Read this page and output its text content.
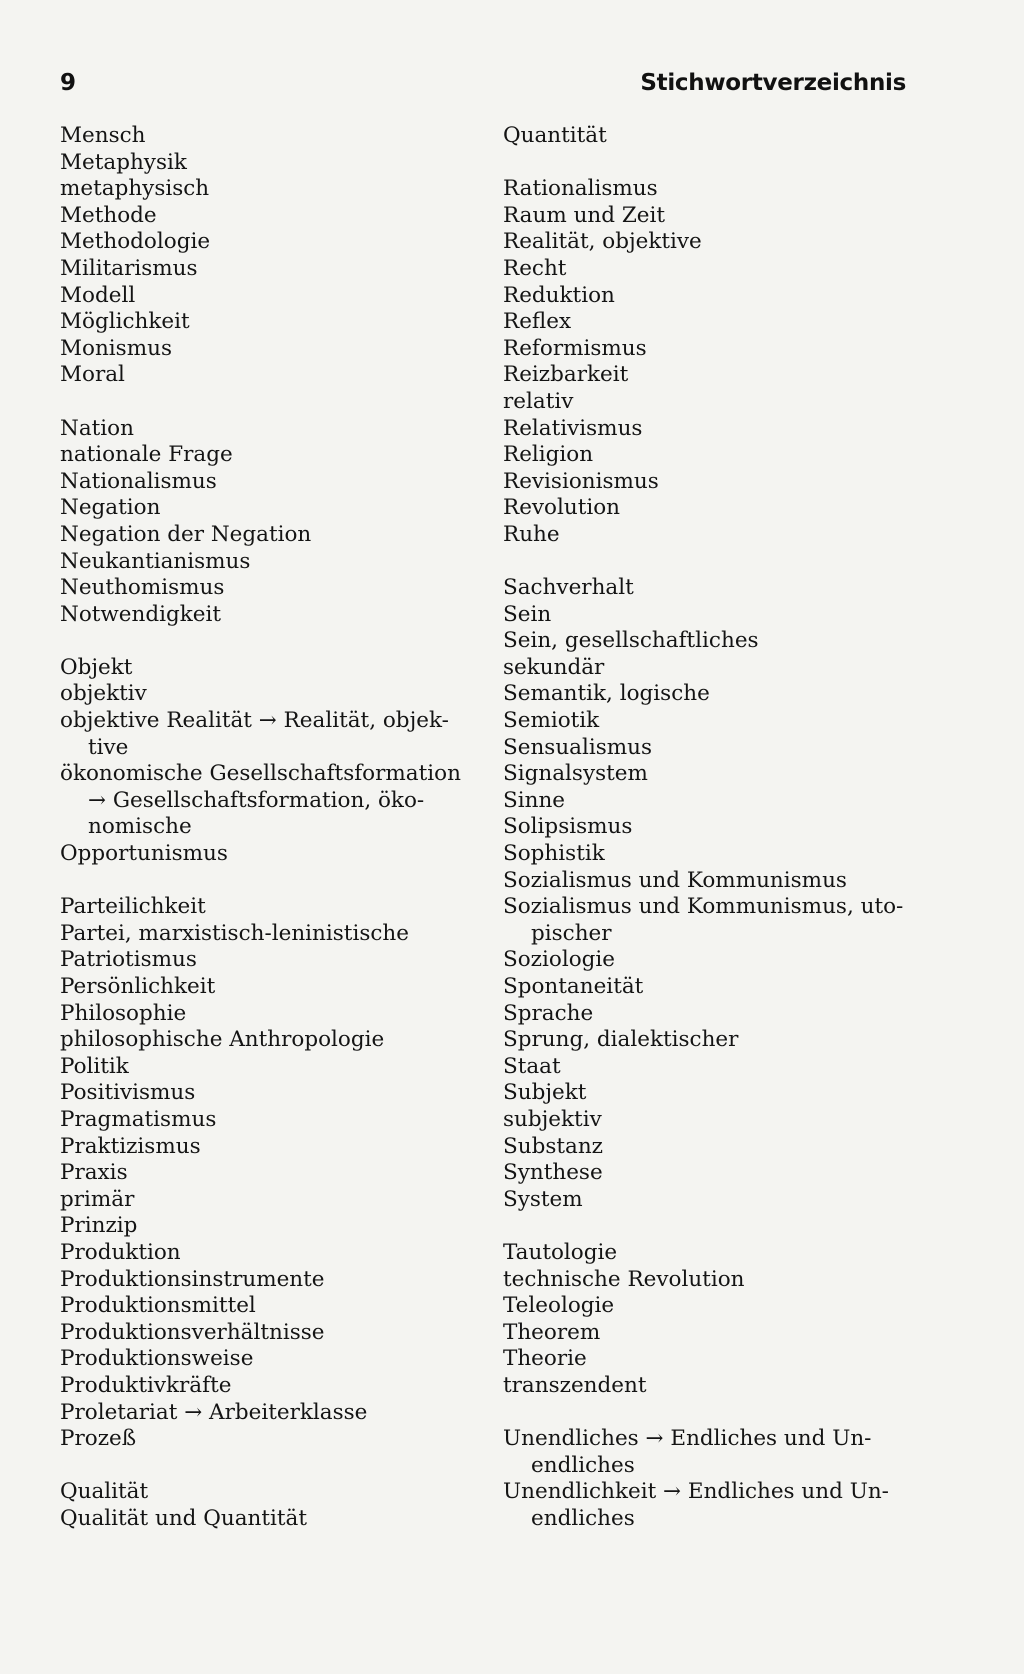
9	Stichwortverzeichnis
Mensch
Metaphysik
metaphysisch
Methode
Methodologie
Militarismus
Modell
Möglichkeit
Monismus
Moral
Nation
nationale Frage
Nationalismus
Negation
Negation der Negation
Neukantianismus
Neuthomismus
Notwendigkeit
Objekt
objektiv
objektive Realität → Realität, objek-
tive
ökonomische Gesellschaftsformation
→ Gesellschaftsformation, öko-
nomische
Opportunismus
Parteilichkeit
Partei, marxistisch-leninistische
Patriotismus
Persönlichkeit
Philosophie
philosophische Anthropologie
Politik
Positivismus
Pragmatismus
Praktizismus
Praxis
primär
Prinzip
Produktion
Produktionsinstrumente
Produktionsmittel
Produktionsverhältnisse
Produktionsweise
Produktivkräfte
Proletariat → Arbeiterklasse
Prozeß
Qualität
Qualität und Quantität
Quantität
Rationalismus
Raum und Zeit
Realität, objektive
Recht
Reduktion
Reflex
Reformismus
Reizbarkeit
relativ
Relativismus
Religion
Revisionismus
Revolution
Ruhe
Sachverhalt
Sein
Sein, gesellschaftliches
sekundär
Semantik, logische
Semiotik
Sensualismus
Signalsystem
Sinne
Solipsismus
Sophistik
Sozialismus und Kommunismus
Sozialismus und Kommunismus, uto-
pischer
Soziologie
Spontaneität
Sprache
Sprung, dialektischer
Staat
Subjekt
subjektiv
Substanz
Synthese
System
Tautologie
technische Revolution
Teleologie
Theorem
Theorie
transzendent
Unendliches → Endliches und Un-
endliches
Unendlichkeit → Endliches und Un-
endliches
